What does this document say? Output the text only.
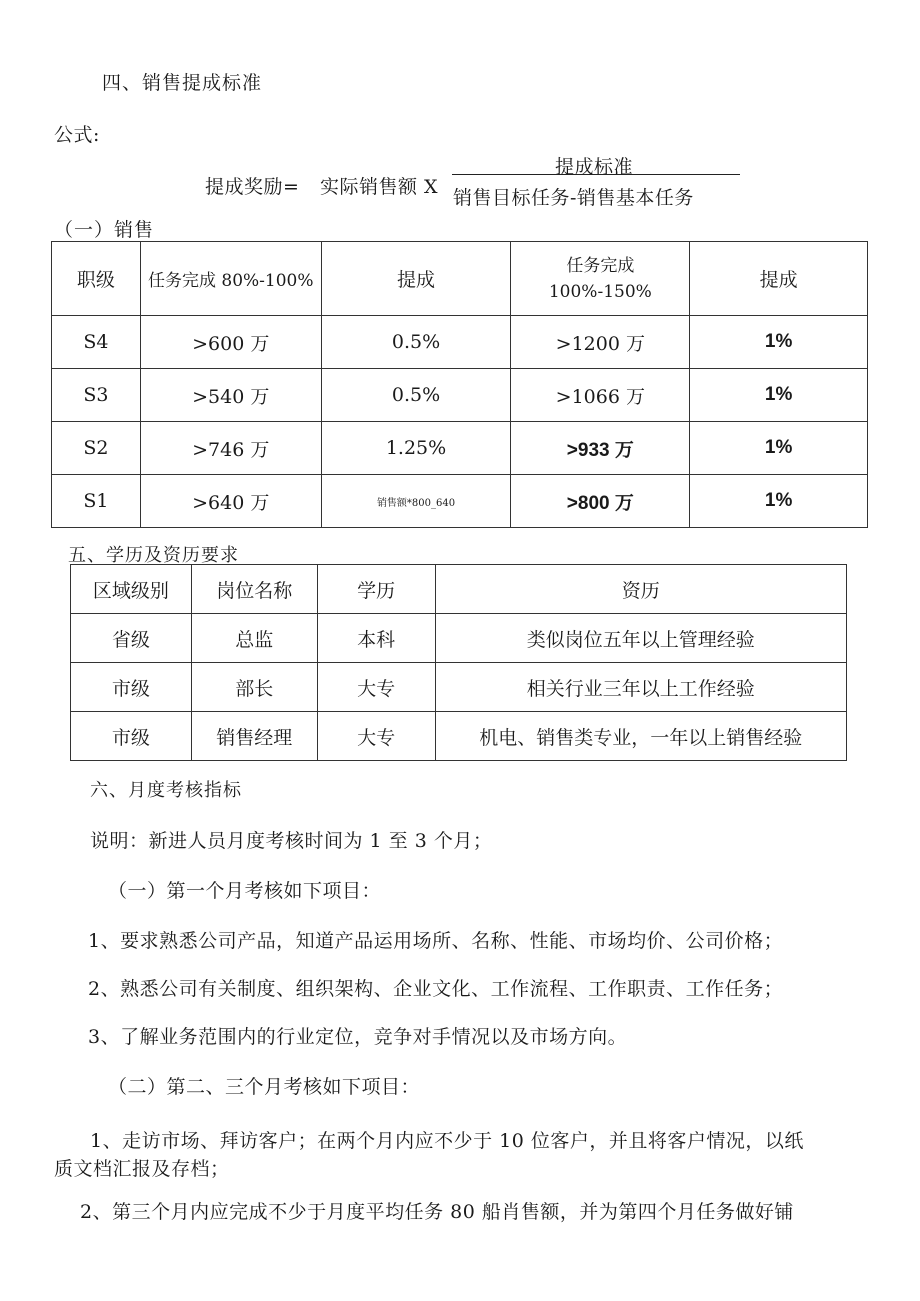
四、销售提成标准
公式:
提成奖励= 实际销售额 X
提成标准
销售目标任务-销售基本任务
（一）销售
职级	任务完成 80%-100%	提成	任务完成 100%-150%	提成
S4	>600 万	0.5%	>1200 万	1%
S3	>540 万	0.5%	>1066 万	1%
S2	>746 万	1.25%	>933 万	1%
S1	>640 万	销售额*800_640	>800 万	1%
五、学历及资历要求
区域级别	岗位名称	学历	资历
省级	总监	本科	类似岗位五年以上管理经验
市级	部长	大专	相关行业三年以上工作经验
市级	销售经理	大专	机电、销售类专业，一年以上销售经验
六、月度考核指标
说明：新进人员月度考核时间为 1 至 3 个月；
（一）第一个月考核如下项目：
1、要求熟悉公司产品，知道产品运用场所、名称、性能、市场均价、公司价格；
2、熟悉公司有关制度、组织架构、企业文化、工作流程、工作职责、工作任务；
3、了解业务范围内的行业定位，竞争对手情况以及市场方向。
（二）第二、三个月考核如下项目：
1、走访市场、拜访客户；在两个月内应不少于 10 位客户，并且将客户情况，以纸
质文档汇报及存档；
2、第三个月内应完成不少于月度平均任务 80 船肖售额，并为第四个月任务做好铺
